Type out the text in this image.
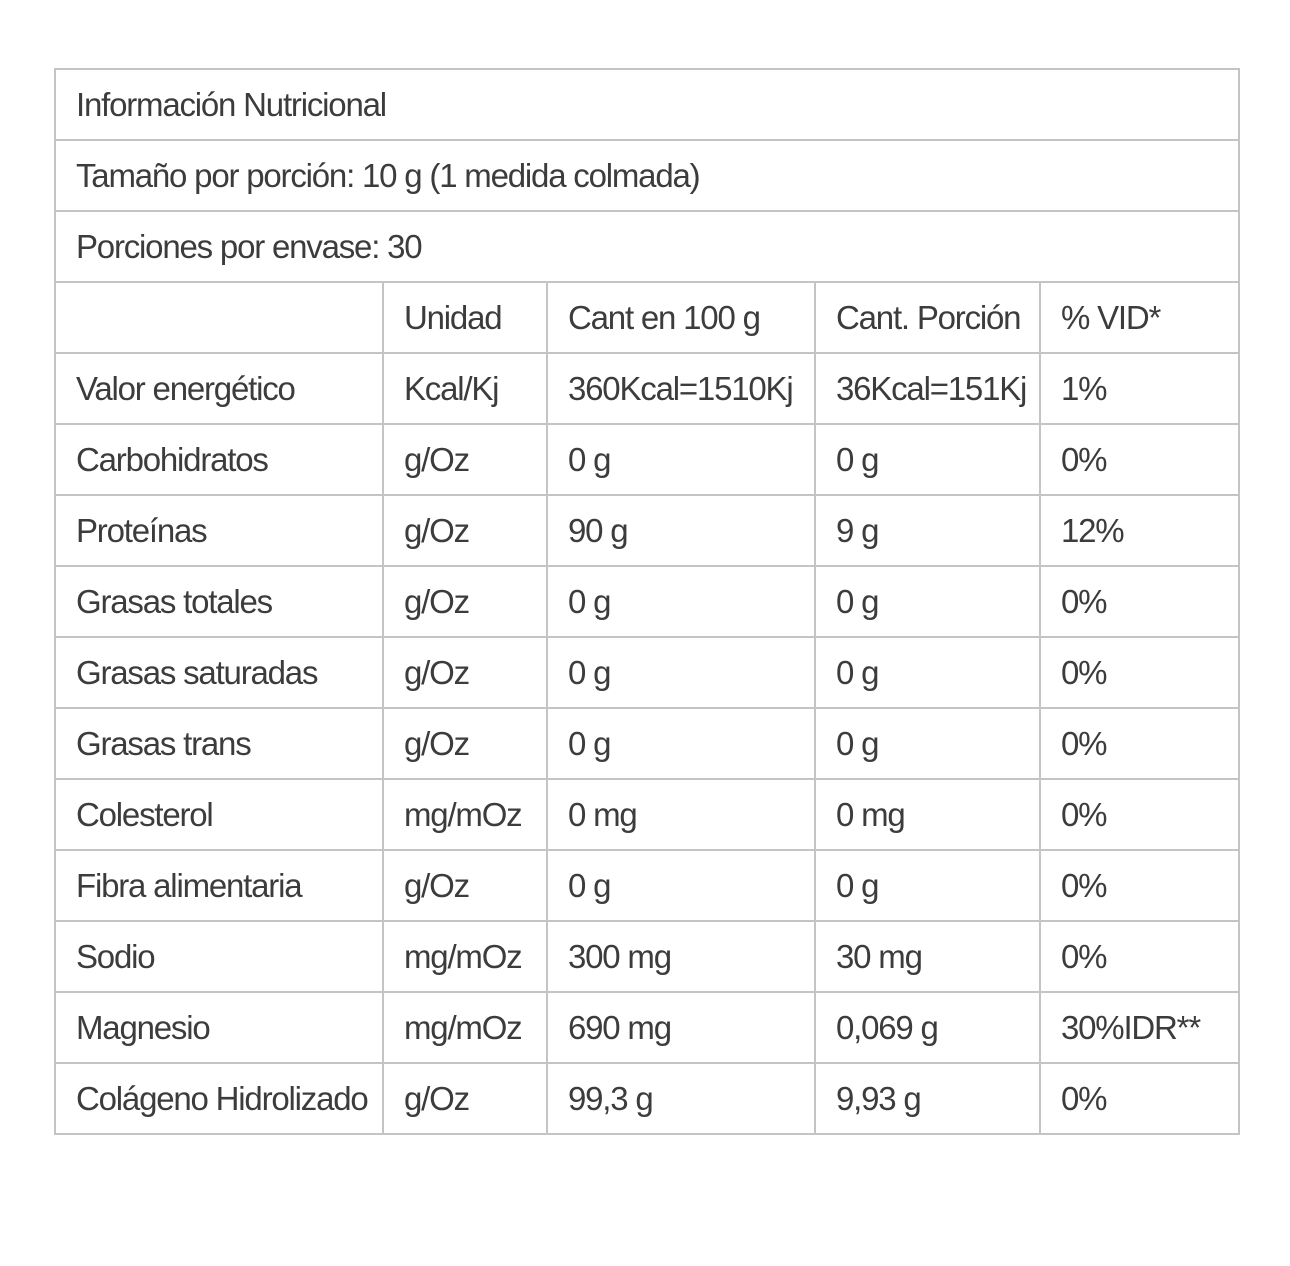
Información Nutricional				
Tamaño por porción: 10 g (1 medida colmada)				
Porciones por envase: 30				
	Unidad	Cant en 100 g	Cant. Porción	% VID*
Valor energético	Kcal/Kj	360Kcal=1510Kj	36Kcal=151Kj	1%
Carbohidratos	g/Oz	0 g	0 g	0%
Proteínas	g/Oz	90 g	9 g	12%
Grasas totales	g/Oz	0 g	0 g	0%
Grasas saturadas	g/Oz	0 g	0 g	0%
Grasas trans	g/Oz	0 g	0 g	0%
Colesterol	mg/mOz	0 mg	0 mg	0%
Fibra alimentaria	g/Oz	0 g	0 g	0%
Sodio	mg/mOz	300 mg	30 mg	0%
Magnesio	mg/mOz	690 mg	0,069 g	30%IDR**
Colágeno Hidrolizado	g/Oz	99,3 g	9,93 g	0%
